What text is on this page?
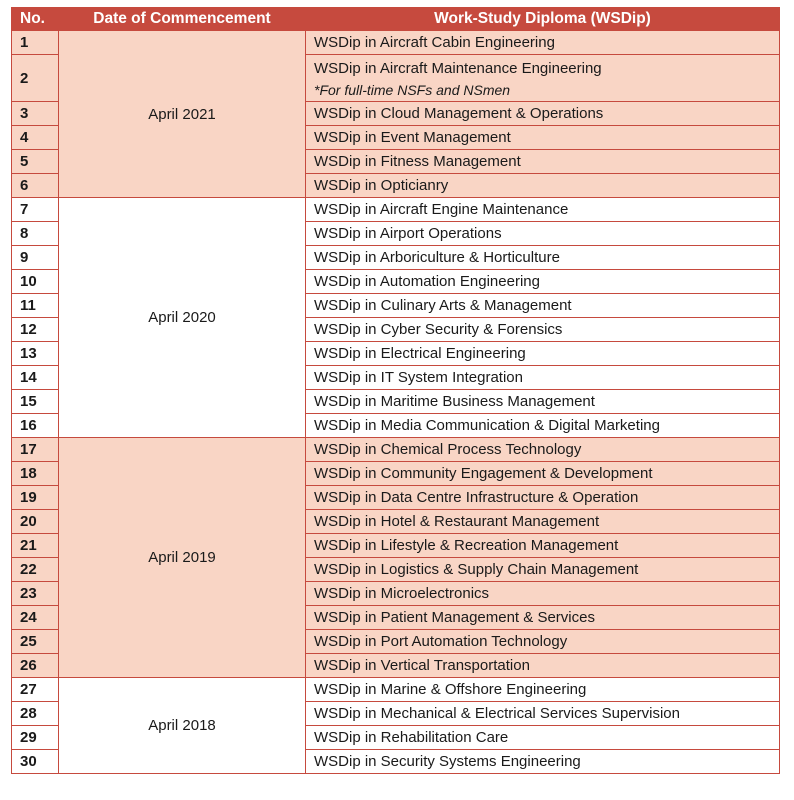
No.	Date of Commencement	Work-Study Diploma (WSDip)
1	April 2021	WSDip in Aircraft Cabin Engineering
2		WSDip in Aircraft Maintenance Engineering
*For full-time NSFs and NSmen

3		WSDip in Cloud Management & Operations
4		WSDip in Event Management
5		WSDip in Fitness Management
6		WSDip in Opticianry
7	April 2020	WSDip in Aircraft Engine Maintenance
8		WSDip in Airport Operations
9		WSDip in Arboriculture & Horticulture
10		WSDip in Automation Engineering
11		WSDip in Culinary Arts & Management
12		WSDip in Cyber Security & Forensics
13		WSDip in Electrical Engineering
14		WSDip in IT System Integration
15		WSDip in Maritime Business Management
16		WSDip in Media Communication & Digital Marketing
17	April 2019	WSDip in Chemical Process Technology
18		WSDip in Community Engagement & Development
19		WSDip in Data Centre Infrastructure & Operation
20		WSDip in Hotel & Restaurant Management
21		WSDip in Lifestyle & Recreation Management
22		WSDip in Logistics & Supply Chain Management
23		WSDip in Microelectronics
24		WSDip in Patient Management & Services
25		WSDip in Port Automation Technology
26		WSDip in Vertical Transportation
27	April 2018	WSDip in Marine & Offshore Engineering
28		WSDip in Mechanical & Electrical Services Supervision
29		WSDip in Rehabilitation Care
30		WSDip in Security Systems Engineering
